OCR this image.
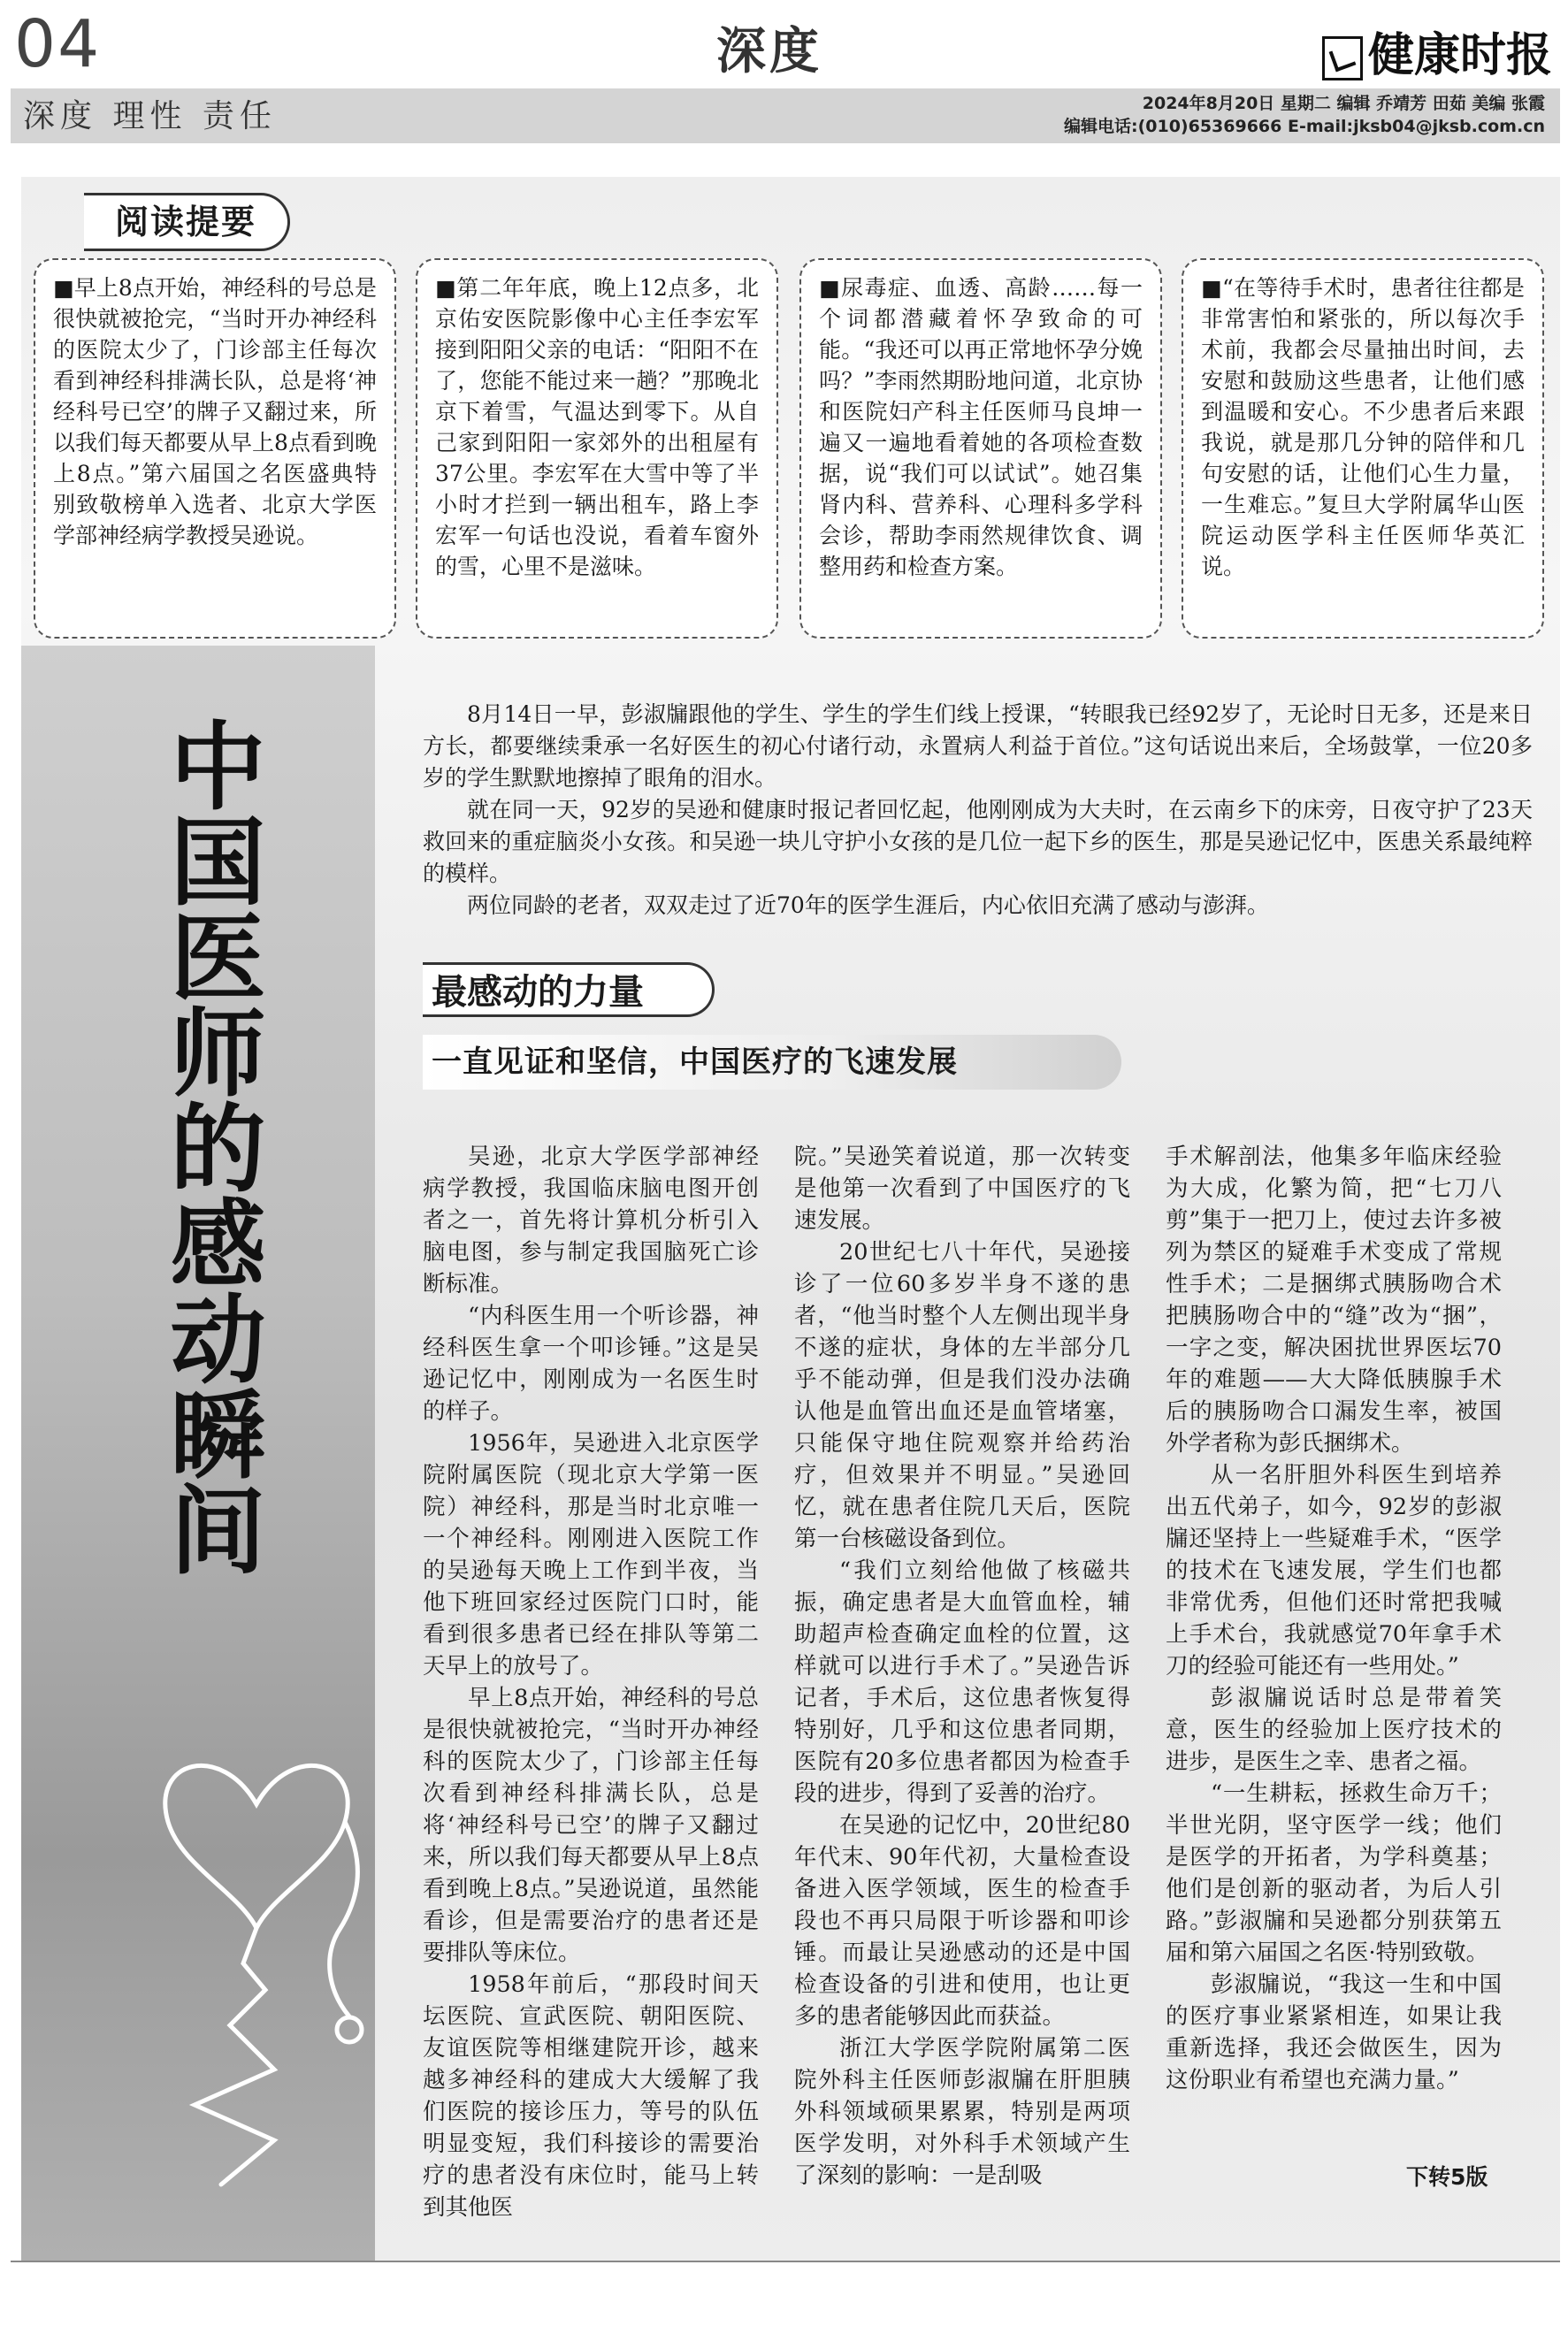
04	深度	健康时报
深度 理性 责任	2024年8月20日 星期二 编辑 乔靖芳 田茹 美编 张霞
编辑电话:(010)65369666 E-mail:jksb04@jksb.com.cn
阅读提要
■早上8点开始，神经科的号总是很快就被抢完，“当时开办神经科的医院太少了，门诊部主任每次看到神经科排满长队，总是将‘神经科号已空’的牌子又翻过来，所以我们每天都要从早上8点看到晚上8点。”第六届国之名医盛典特别致敬榜单入选者、北京大学医学部神经病学教授吴逊说。
■第二年年底，晚上12点多，北京佑安医院影像中心主任李宏军接到阳阳父亲的电话：“阳阳不在了，您能不能过来一趟？”那晚北京下着雪，气温达到零下。从自己家到阳阳一家郊外的出租屋有37公里。李宏军在大雪中等了半小时才拦到一辆出租车，路上李宏军一句话也没说，看着车窗外的雪，心里不是滋味。
■尿毒症、血透、高龄……每一个词都潜藏着怀孕致命的可能。“我还可以再正常地怀孕分娩吗？”李雨然期盼地问道，北京协和医院妇产科主任医师马良坤一遍又一遍地看着她的各项检查数据，说“我们可以试试”。她召集肾内科、营养科、心理科多学科会诊，帮助李雨然规律饮食、调整用药和检查方案。
■“在等待手术时，患者往往都是非常害怕和紧张的，所以每次手术前，我都会尽量抽出时间，去安慰和鼓励这些患者，让他们感到温暖和安心。不少患者后来跟我说，就是那几分钟的陪伴和几句安慰的话，让他们心生力量，一生难忘。”复旦大学附属华山医院运动医学科主任医师华英汇说。
中国医师的感动瞬间

8月14日一早，彭淑牖跟他的学生、学生的学生们线上授课，“转眼我已经92岁了，无论时日无多，还是来日方长，都要继续秉承一名好医生的初心付诸行动，永置病人利益于首位。”这句话说出来后，全场鼓掌，一位20多岁的学生默默地擦掉了眼角的泪水。

就在同一天，92岁的吴逊和健康时报记者回忆起，他刚刚成为大夫时，在云南乡下的床旁，日夜守护了23天救回来的重症脑炎小女孩。和吴逊一块儿守护小女孩的是几位一起下乡的医生，那是吴逊记忆中，医患关系最纯粹的模样。

两位同龄的老者，双双走过了近70年的医学生涯后，内心依旧充满了感动与澎湃。

最感动的力量
一直见证和坚信，中国医疗的飞速发展

吴逊，北京大学医学部神经病学教授，我国临床脑电图开创者之一，首先将计算机分析引入脑电图，参与制定我国脑死亡诊断标准。

“内科医生用一个听诊器，神经科医生拿一个叩诊锤。”这是吴逊记忆中，刚刚成为一名医生时的样子。

1956年，吴逊进入北京医学院附属医院（现北京大学第一医院）神经科，那是当时北京唯一一个神经科。刚刚进入医院工作的吴逊每天晚上工作到半夜，当他下班回家经过医院门口时，能看到很多患者已经在排队等第二天早上的放号了。

早上8点开始，神经科的号总是很快就被抢完，“当时开办神经科的医院太少了，门诊部主任每次看到神经科排满长队，总是将‘神经科号已空’的牌子又翻过来，所以我们每天都要从早上8点看到晚上8点。”吴逊说道，虽然能看诊，但是需要治疗的患者还是要排队等床位。

1958年前后，“那段时间天坛医院、宣武医院、朝阳医院、友谊医院等相继建院开诊，越来越多神经科的建成大大缓解了我们医院的接诊压力，等号的队伍明显变短，我们科接诊的需要治疗的患者没有床位时，能马上转到其他医

院。”吴逊笑着说道，那一次转变是他第一次看到了中国医疗的飞速发展。

20世纪七八十年代，吴逊接诊了一位60多岁半身不遂的患者，“他当时整个人左侧出现半身不遂的症状，身体的左半部分几乎不能动弹，但是我们没办法确认他是血管出血还是血管堵塞，只能保守地住院观察并给药治疗，但效果并不明显。”吴逊回忆，就在患者住院几天后，医院第一台核磁设备到位。

“我们立刻给他做了核磁共振，确定患者是大血管血栓，辅助超声检查确定血栓的位置，这样就可以进行手术了。”吴逊告诉记者，手术后，这位患者恢复得特别好，几乎和这位患者同期，医院有20多位患者都因为检查手段的进步，得到了妥善的治疗。

在吴逊的记忆中，20世纪80年代末、90年代初，大量检查设备进入医学领域，医生的检查手段也不再只局限于听诊器和叩诊锤。而最让吴逊感动的还是中国检查设备的引进和使用，也让更多的患者能够因此而获益。

浙江大学医学院附属第二医院外科主任医师彭淑牖在肝胆胰外科领域硕果累累，特别是两项医学发明，对外科手术领域产生了深刻的影响：一是刮吸

手术解剖法，他集多年临床经验为大成，化繁为简，把“七刀八剪”集于一把刀上，使过去许多被列为禁区的疑难手术变成了常规性手术；二是捆绑式胰肠吻合术把胰肠吻合中的“缝”改为“捆”，一字之变，解决困扰世界医坛70年的难题——大大降低胰腺手术后的胰肠吻合口漏发生率，被国外学者称为彭氏捆绑术。

从一名肝胆外科医生到培养出五代弟子，如今，92岁的彭淑牖还坚持上一些疑难手术，“医学的技术在飞速发展，学生们也都非常优秀，但他们还时常把我喊上手术台，我就感觉70年拿手术刀的经验可能还有一些用处。”

彭淑牖说话时总是带着笑意，医生的经验加上医疗技术的进步，是医生之幸、患者之福。

“一生耕耘，拯救生命万千；半世光阴，坚守医学一线；他们是医学的开拓者，为学科奠基；他们是创新的驱动者，为后人引路。”彭淑牖和吴逊都分别获第五届和第六届国之名医·特别致敬。

彭淑牖说，“我这一生和中国的医疗事业紧紧相连，如果让我重新选择，我还会做医生，因为这份职业有希望也充满力量。”

下转5版
